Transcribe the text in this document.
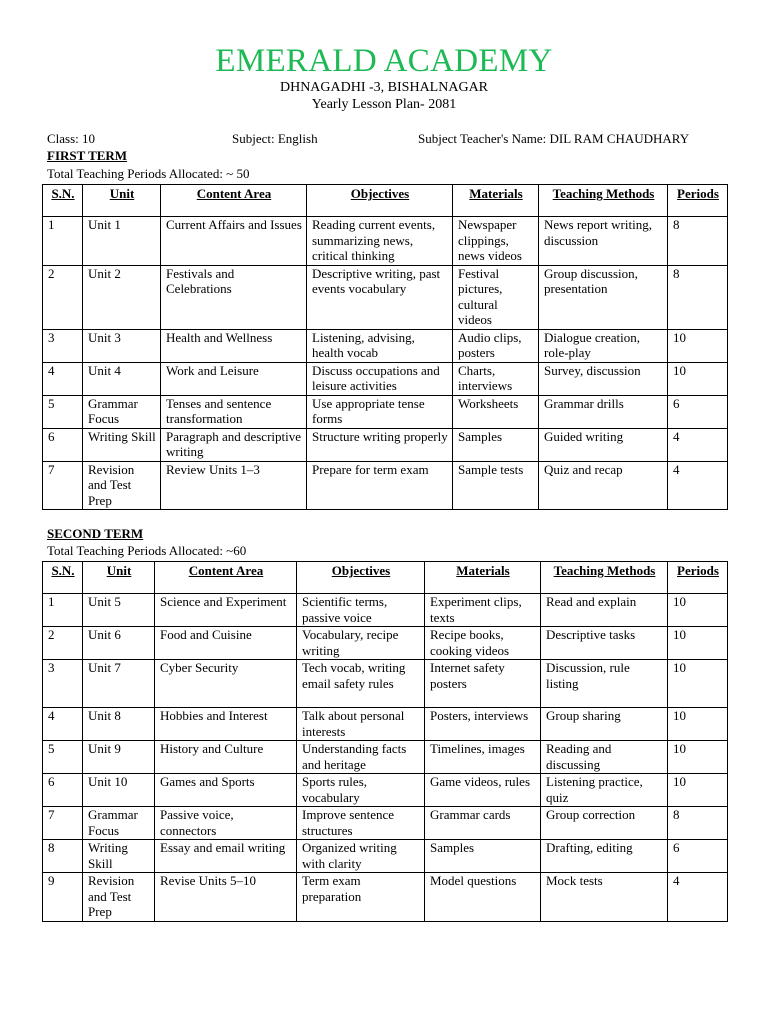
EMERALD ACADEMY
DHNAGADHI -3, BISHALNAGAR
Yearly Lesson Plan- 2081
Class: 10	Subject: English	Subject Teacher's Name: DIL RAM CHAUDHARY
FIRST TERM
Total Teaching Periods Allocated: ~ 50
S.N.	Unit	Content Area	Objectives	Materials	Teaching Methods	Periods
1	Unit 1	Current Affairs and Issues	Reading current events, summarizing news, critical thinking	Newspaper clippings, news videos	News report writing, discussion	8
2	Unit 2	Festivals and Celebrations	Descriptive writing, past events vocabulary	Festival pictures, cultural videos	Group discussion, presentation	8
3	Unit 3	Health and Wellness	Listening, advising, health vocab	Audio clips, posters	Dialogue creation, role-play	10
4	Unit 4	Work and Leisure	Discuss occupations and leisure activities	Charts, interviews	Survey, discussion	10
5	Grammar Focus	Tenses and sentence transformation	Use appropriate tense forms	Worksheets	Grammar drills	6
6	Writing Skill	Paragraph and descriptive writing	Structure writing properly	Samples	Guided writing	4
7	Revision and Test Prep	Review Units 1–3	Prepare for term exam	Sample tests	Quiz and recap	4
SECOND TERM
Total Teaching Periods Allocated: ~60
S.N.	Unit	Content Area	Objectives	Materials	Teaching Methods	Periods
1	Unit 5	Science and Experiment	Scientific terms, passive voice	Experiment clips, texts	Read and explain	10
2	Unit 6	Food and Cuisine	Vocabulary, recipe writing	Recipe books, cooking videos	Descriptive tasks	10
3	Unit 7	Cyber Security	Tech vocab, writing email safety rules	Internet safety posters	Discussion, rule listing	10
4	Unit 8	Hobbies and Interest	Talk about personal interests	Posters, interviews	Group sharing	10
5	Unit 9	History and Culture	Understanding facts and heritage	Timelines, images	Reading and discussing	10
6	Unit 10	Games and Sports	Sports rules, vocabulary	Game videos, rules	Listening practice, quiz	10
7	Grammar Focus	Passive voice, connectors	Improve sentence structures	Grammar cards	Group correction	8
8	Writing Skill	Essay and email writing	Organized writing with clarity	Samples	Drafting, editing	6
9	Revision and Test Prep	Revise Units 5–10	Term exam preparation	Model questions	Mock tests	4
